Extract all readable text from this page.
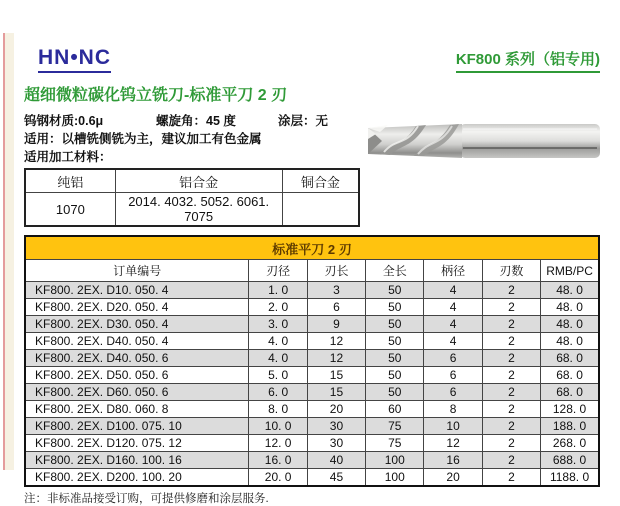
HN•NC	KF800 系列（铝专用)
超细微粒碳化钨立铣刀-标准平刀 2 刃
钨钢材质:0.6μ	螺旋角：45 度	涂层：无
适用：以槽铣侧铣为主，建议加工有色金属
适用加工材料：
纯铝	铝合金	铜合金
1070	2014. 4032. 5052. 6061. 7075	
标准平刀 2 刃						
订单编号	刃径	刃长	全长	柄径	刃数	RMB/PC
KF800. 2EX. D10. 050. 4	1. 0	3	50	4	2	48. 0
KF800. 2EX. D20. 050. 4	2. 0	6	50	4	2	48. 0
KF800. 2EX. D30. 050. 4	3. 0	9	50	4	2	48. 0
KF800. 2EX. D40. 050. 4	4. 0	12	50	4	2	48. 0
KF800. 2EX. D40. 050. 6	4. 0	12	50	6	2	68. 0
KF800. 2EX. D50. 050. 6	5. 0	15	50	6	2	68. 0
KF800. 2EX. D60. 050. 6	6. 0	15	50	6	2	68. 0
KF800. 2EX. D80. 060. 8	8. 0	20	60	8	2	128. 0
KF800. 2EX. D100. 075. 10	10. 0	30	75	10	2	188. 0
KF800. 2EX. D120. 075. 12	12. 0	30	75	12	2	268. 0
KF800. 2EX. D160. 100. 16	16. 0	40	100	16	2	688. 0
KF800. 2EX. D200. 100. 20	20. 0	45	100	20	2	1188. 0
注：非标准品接受订购，可提供修磨和涂层服务.
